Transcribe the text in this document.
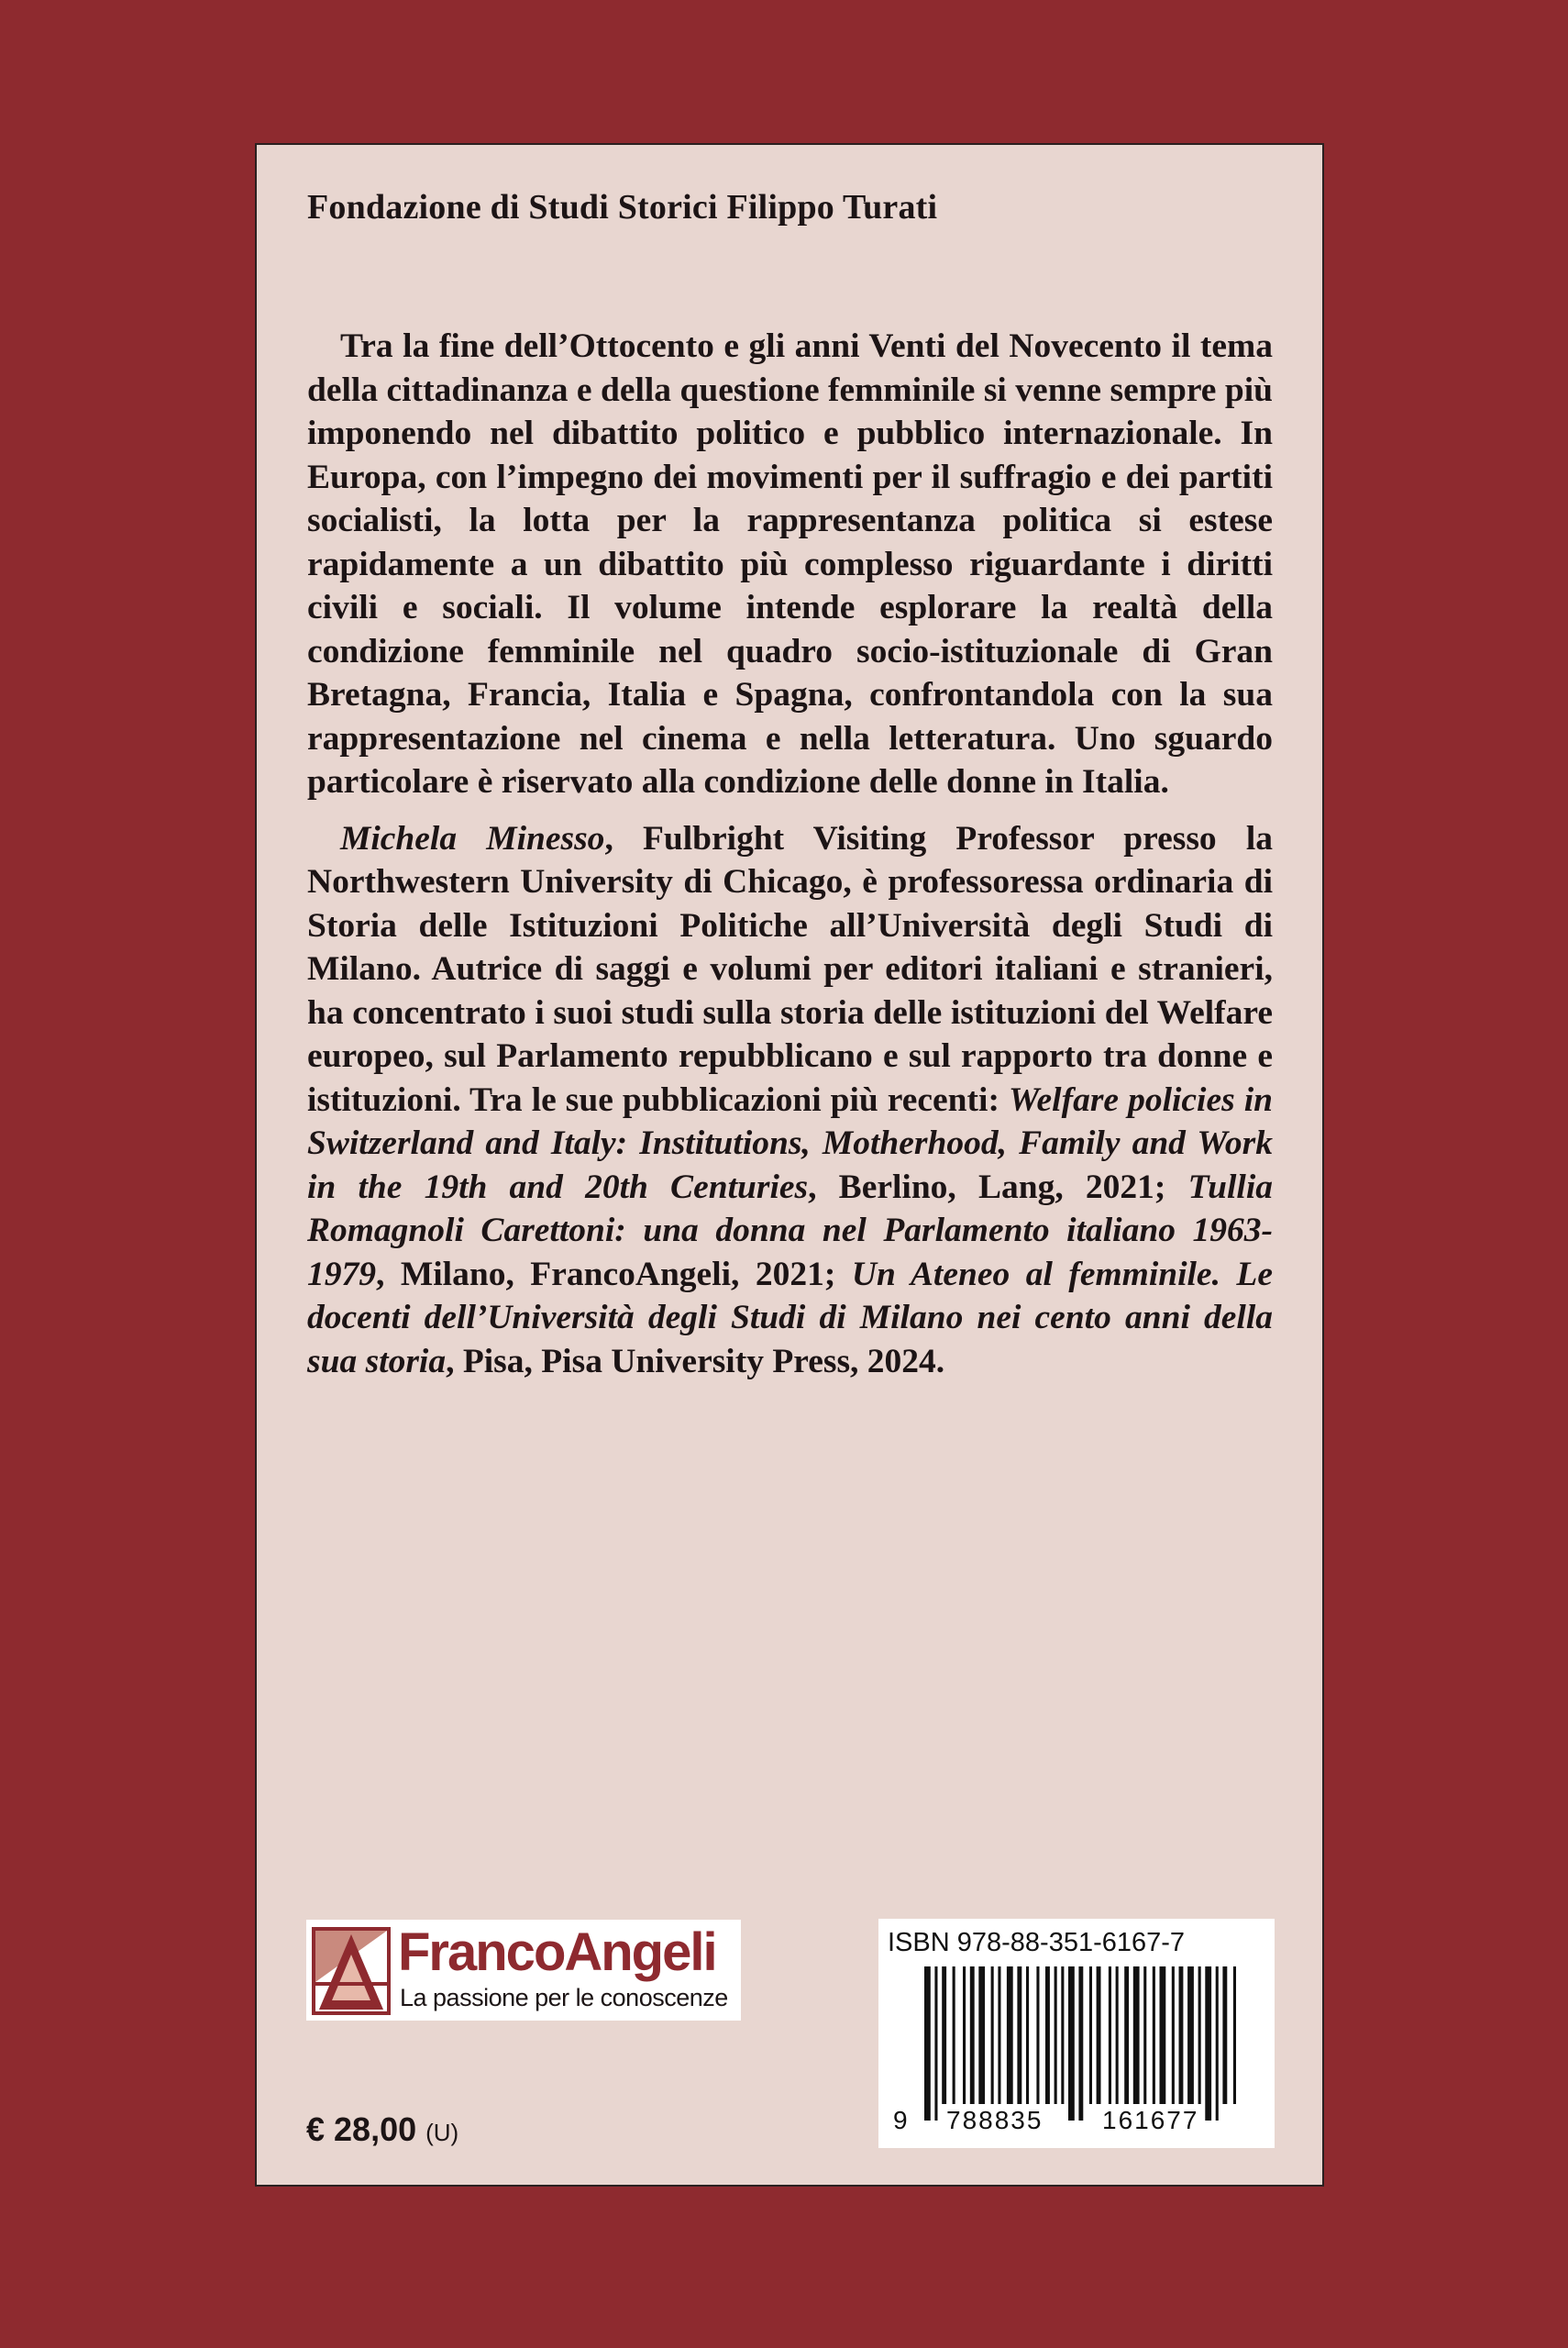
Fondazione di Studi Storici Filippo Turati

Tra la fine dell’Ottocento e gli anni Venti del Novecento il tema della cittadinanza e della questione femminile si venne sempre più imponendo nel dibattito politico e pubblico internazionale. In Europa, con l’impegno dei movimenti per il suffragio e dei partiti socialisti, la lotta per la rappresentanza politica si estese rapidamente a un dibattito più complesso riguardante i diritti civili e sociali. Il volume intende esplorare la realtà della condizione femminile nel quadro socio-istituzionale di Gran Bretagna, Francia, Italia e Spagna, confrontandola con la sua rappresentazione nel cinema e nella letteratura. Uno sguardo particolare è riservato alla condizione delle donne in Italia.

Michela Minesso, Fulbright Visiting Professor presso la Northwestern University di Chicago, è professoressa ordinaria di Storia delle Istituzioni Politiche all’Università degli Studi di Milano. Autrice di saggi e volumi per editori italiani e stranieri, ha concentrato i suoi studi sulla storia delle istituzioni del Welfare europeo, sul Parlamento repubblicano e sul rapporto tra donne e istituzioni. Tra le sue pubblicazioni più recenti: Welfare policies in Switzerland and Italy: Institutions, Motherhood, Family and Work in the 19th and 20th Centuries, Berlino, Lang, 2021; Tullia Romagnoli Carettoni: una donna nel Parlamento italiano 1963-1979, Milano, FrancoAngeli, 2021; Un Ateneo al femminile. Le docenti dell’Università degli Studi di Milano nei cento anni della sua storia, Pisa, Pisa University Press, 2024.

FrancoAngeli
La passione per le conoscenze
€ 28,00 (U)
ISBN 978-88-351-6167-7
9 788835 161677
